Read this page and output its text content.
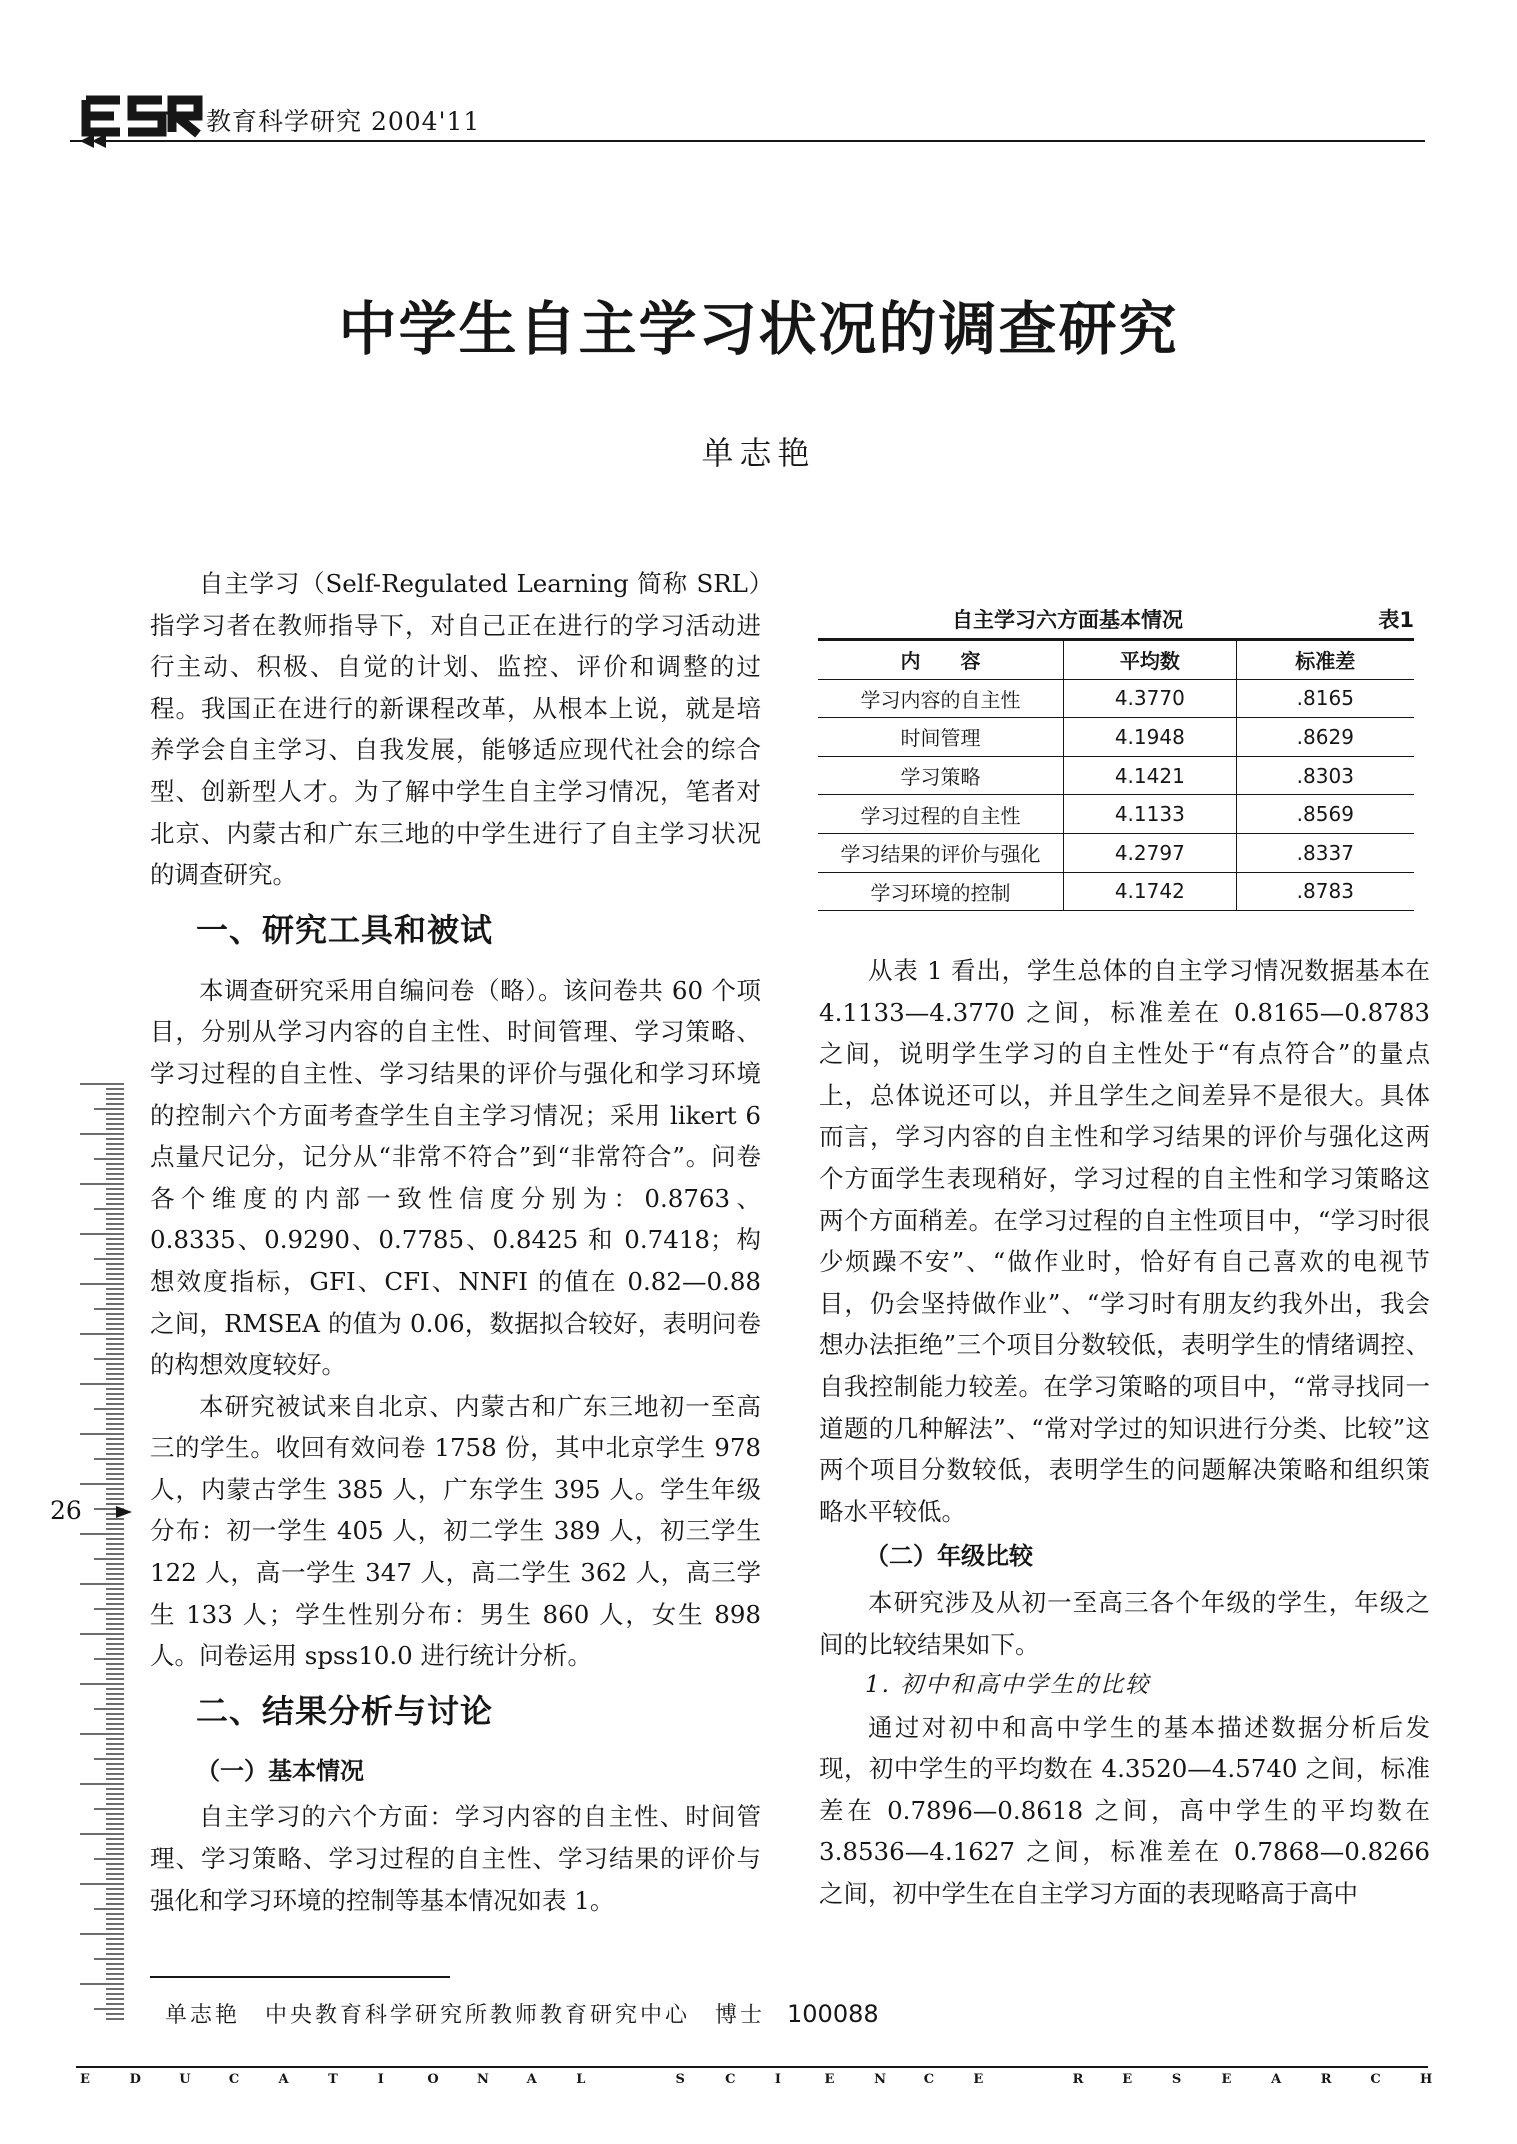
教育科学研究 2004'11
中学生自主学习状况的调查研究
单志艳

自主学习（Self-Regulated Learning 简称 SRL）指学习者在教师指导下，对自己正在进行的学习活动进行主动、积极、自觉的计划、监控、评价和调整的过程。我国正在进行的新课程改革，从根本上说，就是培养学会自主学习、自我发展，能够适应现代社会的综合型、创新型人才。为了解中学生自主学习情况，笔者对北京、内蒙古和广东三地的中学生进行了自主学习状况的调查研究。

一、研究工具和被试

本调查研究采用自编问卷（略）。该问卷共 60 个项目，分别从学习内容的自主性、时间管理、学习策略、学习过程的自主性、学习结果的评价与强化和学习环境的控制六个方面考查学生自主学习情况；采用 likert 6 点量尺记分，记分从“非常不符合”到“非常符合”。问卷各个维度的内部一致性信度分别为：0.8763、0.8335、0.9290、0.7785、0.8425 和 0.7418；构想效度指标，GFI、CFI、NNFI 的值在 0.82—0.88 之间，RMSEA 的值为 0.06，数据拟合较好，表明问卷的构想效度较好。

本研究被试来自北京、内蒙古和广东三地初一至高三的学生。收回有效问卷 1758 份，其中北京学生 978 人，内蒙古学生 385 人，广东学生 395 人。学生年级分布：初一学生 405 人，初二学生 389 人，初三学生 122 人，高一学生 347 人，高二学生 362 人，高三学生 133 人；学生性别分布：男生 860 人，女生 898 人。问卷运用 spss10.0 进行统计分析。

二、结果分析与讨论
（一）基本情况

自主学习的六个方面：学习内容的自主性、时间管理、学习策略、学习过程的自主性、学习结果的评价与强化和学习环境的控制等基本情况如表 1。

自主学习六方面基本情况	表1
内　　容	平均数	标准差
学习内容的自主性	4.3770	.8165
时间管理	4.1948	.8629
学习策略	4.1421	.8303
学习过程的自主性	4.1133	.8569
学习结果的评价与强化	4.2797	.8337
学习环境的控制	4.1742	.8783

从表 1 看出，学生总体的自主学习情况数据基本在 4.1133—4.3770 之间，标准差在 0.8165—0.8783 之间，说明学生学习的自主性处于“有点符合”的量点上，总体说还可以，并且学生之间差异不是很大。具体而言，学习内容的自主性和学习结果的评价与强化这两个方面学生表现稍好，学习过程的自主性和学习策略这两个方面稍差。在学习过程的自主性项目中，“学习时很少烦躁不安”、“做作业时，恰好有自己喜欢的电视节目，仍会坚持做作业”、“学习时有朋友约我外出，我会想办法拒绝”三个项目分数较低，表明学生的情绪调控、自我控制能力较差。在学习策略的项目中，“常寻找同一道题的几种解法”、“常对学过的知识进行分类、比较”这两个项目分数较低，表明学生的问题解决策略和组织策略水平较低。

（二）年级比较

本研究涉及从初一至高三各个年级的学生，年级之间的比较结果如下。

1. 初中和高中学生的比较

通过对初中和高中学生的基本描述数据分析后发现，初中学生的平均数在 4.3520—4.5740 之间，标准差在 0.7896—0.8618 之间，高中学生的平均数在 3.8536—4.1627 之间，标准差在 0.7868—0.8266 之间，初中学生在自主学习方面的表现略高于高中

26
单志艳　中央教育科学研究所教师教育研究中心　博士 100088
E	D	U	C	A	T	I	O	N	A	L	S	C	I	E	N	C	E	R	E	S	E	A	R	C	H
